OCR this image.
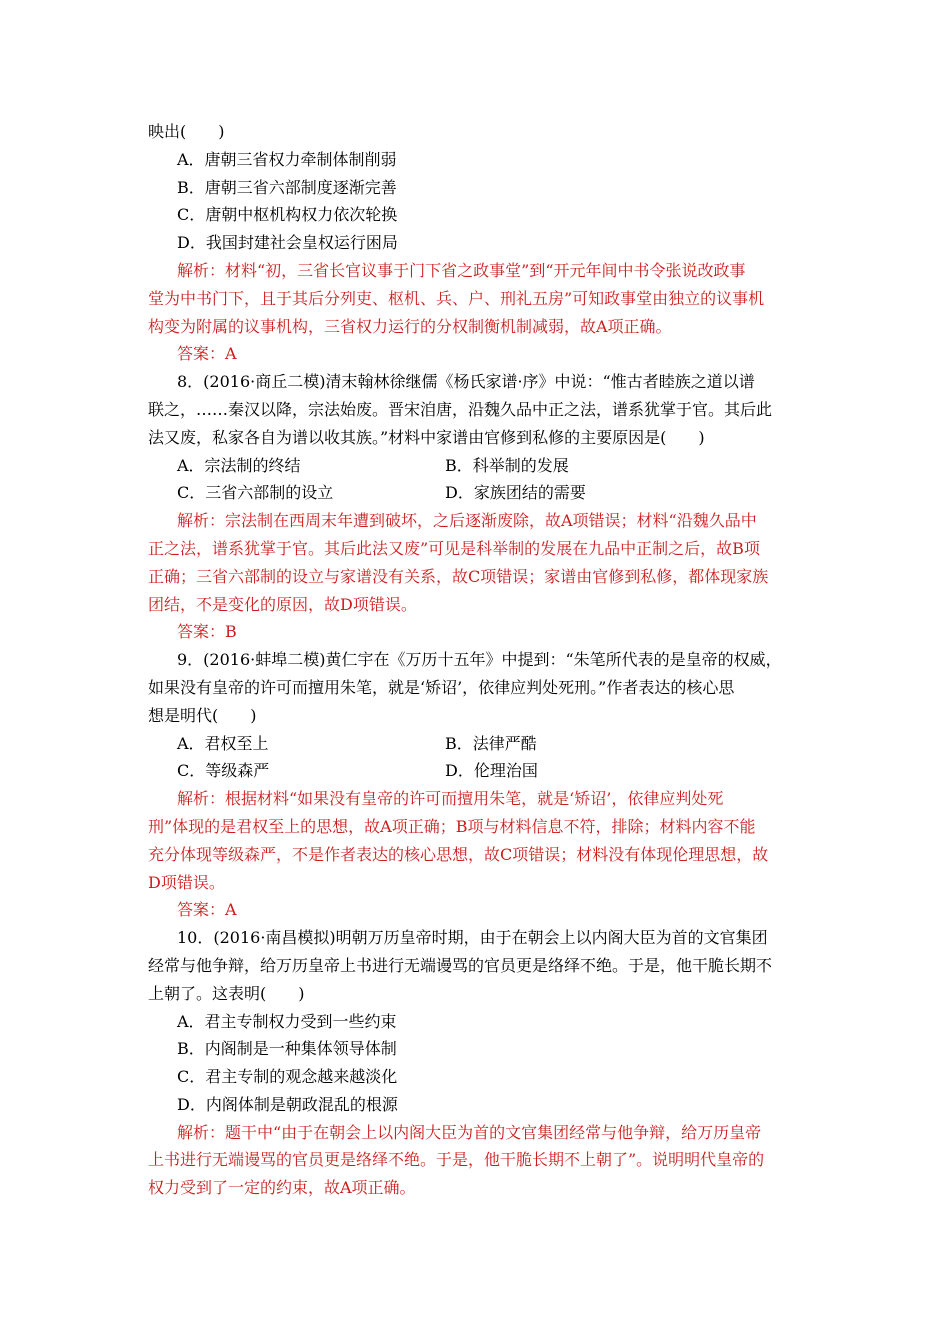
映出(　　)
A．唐朝三省权力牵制体制削弱
B．唐朝三省六部制度逐渐完善
C．唐朝中枢机构权力依次轮换
D．我国封建社会皇权运行困局
解析：材料“初，三省长官议事于门下省之政事堂”到“开元年间中书令张说改政事
堂为中书门下，且于其后分列吏、枢机、兵、户、刑礼五房”可知政事堂由独立的议事机
构变为附属的议事机构，三省权力运行的分权制衡机制减弱，故A项正确。
答案：A
8．(2016·商丘二模)清末翰林徐继儒《杨氏家谱·序》中说：“惟古者睦族之道以谱
联之，……秦汉以降，宗法始废。晋宋洎唐，沿魏久品中正之法，谱系犹掌于官。其后此
法又废，私家各自为谱以收其族。”材料中家谱由官修到私修的主要原因是(　　)
A．宗法制的终结	B．科举制的发展
C．三省六部制的设立	D．家族团结的需要
解析：宗法制在西周末年遭到破坏，之后逐渐废除，故A项错误；材料“沿魏久品中
正之法，谱系犹掌于官。其后此法又废”可见是科举制的发展在九品中正制之后，故B项
正确；三省六部制的设立与家谱没有关系，故C项错误；家谱由官修到私修，都体现家族
团结，不是变化的原因，故D项错误。
答案：B
9．(2016·蚌埠二模)黄仁宇在《万历十五年》中提到：“朱笔所代表的是皇帝的权威，
如果没有皇帝的许可而擅用朱笔，就是‘矫诏’，依律应判处死刑。”作者表达的核心思
想是明代(　　)
A．君权至上	B．法律严酷
C．等级森严	D．伦理治国
解析：根据材料“如果没有皇帝的许可而擅用朱笔，就是‘矫诏’，依律应判处死
刑”体现的是君权至上的思想，故A项正确；B项与材料信息不符，排除；材料内容不能
充分体现等级森严，不是作者表达的核心思想，故C项错误；材料没有体现伦理思想，故
D项错误。
答案：A
10．(2016·南昌模拟)明朝万历皇帝时期，由于在朝会上以内阁大臣为首的文官集团
经常与他争辩，给万历皇帝上书进行无端谩骂的官员更是络绎不绝。于是，他干脆长期不
上朝了。这表明(　　)
A．君主专制权力受到一些约束
B．内阁制是一种集体领导体制
C．君主专制的观念越来越淡化
D．内阁体制是朝政混乱的根源
解析：题干中“由于在朝会上以内阁大臣为首的文官集团经常与他争辩，给万历皇帝
上书进行无端谩骂的官员更是络绎不绝。于是，他干脆长期不上朝了”。说明明代皇帝的
权力受到了一定的约束，故A项正确。
